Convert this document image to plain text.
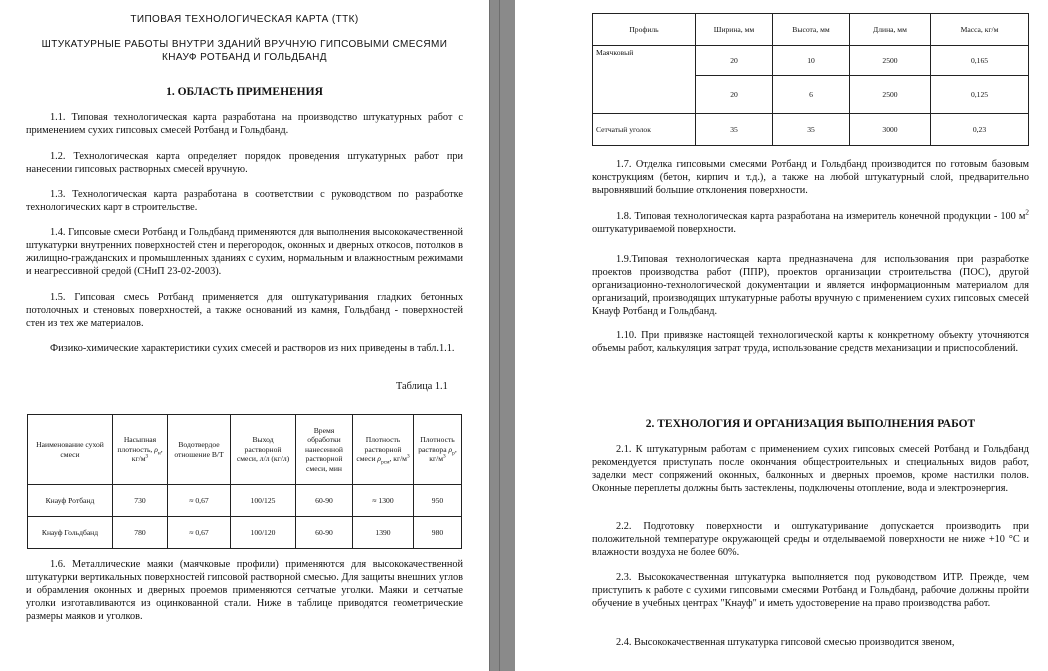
ТИПОВАЯ ТЕХНОЛОГИЧЕСКАЯ КАРТА (ТТК)
ШТУКАТУРНЫЕ РАБОТЫ ВНУТРИ ЗДАНИЙ ВРУЧНУЮ ГИПСОВЫМИ СМЕСЯМИ
КНАУФ РОТБАНД И ГОЛЬДБАНД
1. ОБЛАСТЬ ПРИМЕНЕНИЯ

1.1. Типовая технологическая карта разработана на производство штукатурных работ с применением сухих гипсовых смесей Ротбанд и Гольдбанд.

1.2. Технологическая карта определяет порядок проведения штукатурных работ при нанесении гипсовых растворных смесей вручную.

1.3. Технологическая карта разработана в соответствии с руководством по разработке технологических карт в строительстве.

1.4. Гипсовые смеси Ротбанд и Гольдбанд применяются для выполнения высококачественной штукатурки внутренних поверхностей стен и перегородок, оконных и дверных откосов, потолков в жилищно-гражданских и промышленных зданиях с сухим, нормальным и влажностным режимами и неагрессивной средой (СНиП 23-02-2003).

1.5. Гипсовая смесь Ротбанд применяется для оштукатуривания гладких бетонных потолочных и стеновых поверхностей, а также оснований из камня, Гольдбанд - поверхностей стен из тех же материалов.

Физико-химические характеристики сухих смесей и растворов из них приведены в табл.1.1.

Таблица 1.1
Наименование сухой смеси	Насыпная плотность, $\rho_н$, $кг/м^3$	Водотвердое отношение В/Т	Выход растворной смеси, л/л (кг/л)	Время обработки нанесенной растворной смеси, мин	Плотность растворной смеси $\rho_{рсм}$, $кг/м^3$	Плотность раствора $\rho_р$, $кг/м^3$
Кнауф Ротбанд	730	≈ 0,67	100/125	60-90	≈ 1300	950
Кнауф Гольдбанд	780	≈ 0,67	100/120	60-90	1390	980

1.6. Металлические маяки (маячковые профили) применяются для высококачественной штукатурки вертикальных поверхностей гипсовой растворной смесью. Для защиты внешних углов и обрамления оконных и дверных проемов применяются сетчатые уголки. Маяки и сетчатые уголки изготавливаются из оцинкованной стали. Ниже в таблице приводятся геометрические размеры маяков и уголков.

Профиль	Ширина, мм	Высота, мм	Длина, мм	Масса, кг/м
Маячковый	20	10	2500	0,165
	20	6	2500	0,125
Сетчатый уголок	35	35	3000	0,23

1.7. Отделка гипсовыми смесями Ротбанд и Гольдбанд производится по готовым базовым конструкциям (бетон, кирпич и т.д.), а также на любой штукатурный слой, предварительно выровнявший большие отклонения поверхности.

1.8. Типовая технологическая карта разработана на измеритель конечной продукции - 100 $м^2$ оштукатуриваемой поверхности.

1.9.Типовая технологическая карта предназначена для использования при разработке проектов производства работ (ППР), проектов организации строительства (ПОС), другой организационно-технологической документации и является информационным материалом для организаций, производящих штукатурные работы вручную с применением сухих гипсовых смесей Кнауф Ротбанд и Гольдбанд.

1.10. При привязке настоящей технологической карты к конкретному объекту уточняются объемы работ, калькуляция затрат труда, использование средств механизации и приспособлений.

2. ТЕХНОЛОГИЯ И ОРГАНИЗАЦИЯ ВЫПОЛНЕНИЯ РАБОТ

2.1. К штукатурным работам с применением сухих гипсовых смесей Ротбанд и Гольдбанд рекомендуется приступать после окончания общестроительных и специальных видов работ, заделки мест сопряжений оконных, балконных и дверных проемов, кроме настилки полов. Оконные переплеты должны быть застеклены, подключены отопление, вода и электроэнергия.

2.2. Подготовку поверхности и оштукатуривание допускается производить при положительной температуре окружающей среды и отделываемой поверхности не ниже +10 °С и влажности воздуха не более 60%.

2.3. Высококачественная штукатурка выполняется под руководством ИТР. Прежде, чем приступить к работе с сухими гипсовыми смесями Ротбанд и Гольдбанд, рабочие должны пройти обучение в учебных центрах "Кнауф" и иметь удостоверение на право производства работ.

2.4. Высококачественная штукатурка гипсовой смесью производится звеном,
